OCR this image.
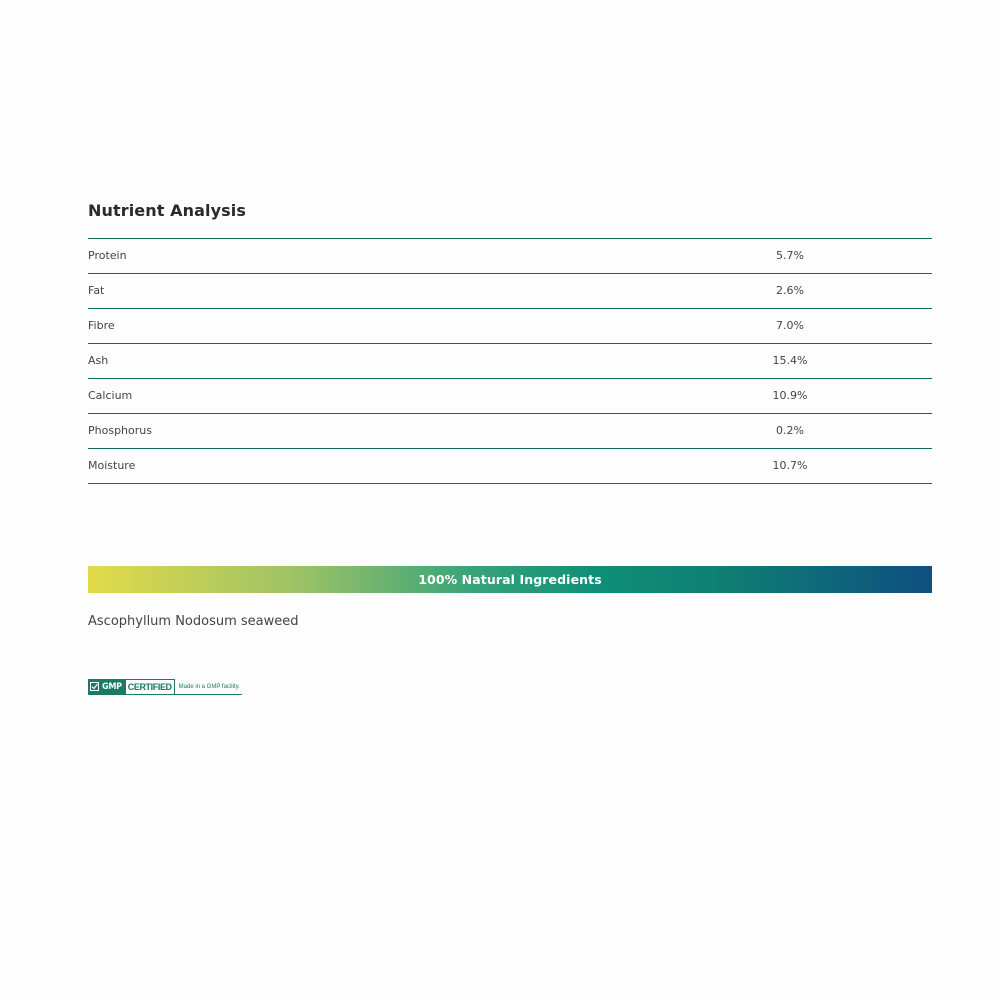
Nutrient Analysis
Protein	5.7%
Fat	2.6%
Fibre	7.0%
Ash	15.4%
Calcium	10.9%
Phosphorus	0.2%
Moisture	10.7%
100% Natural Ingredients
Ascophyllum Nodosum seaweed
GMP CERTIFIED	Made in a GMP facility.
